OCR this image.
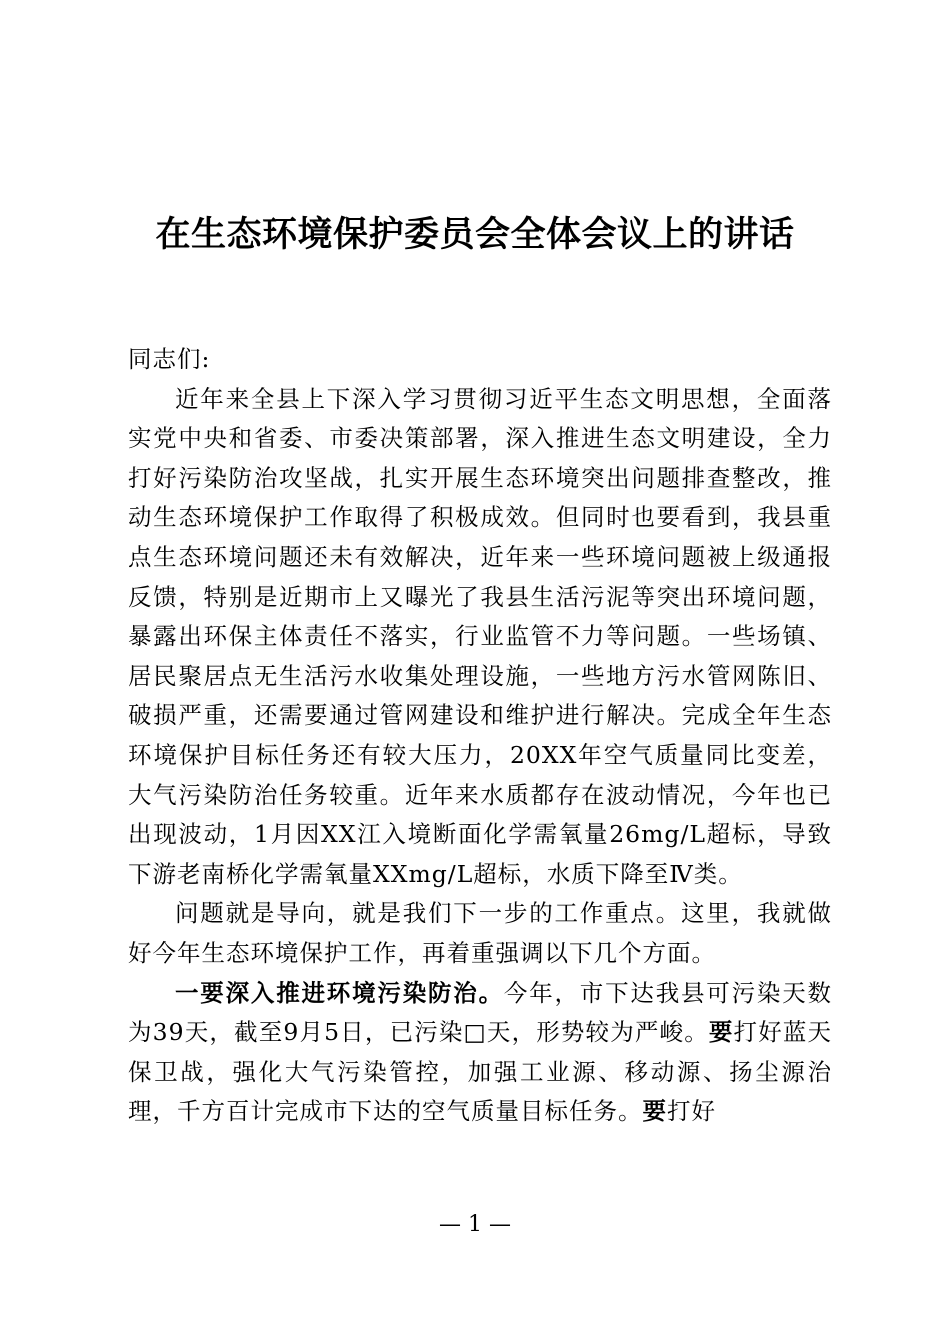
在生态环境保护委员会全体会议上的讲话

同志们:

近年来全县上下深入学习贯彻习近平生态文明思想，全面落实党中央和省委、市委决策部署，深入推进生态文明建设，全力打好污染防治攻坚战，扎实开展生态环境突出问题排查整改，推动生态环境保护工作取得了积极成效。但同时也要看到，我县重点生态环境问题还未有效解决，近年来一些环境问题被上级通报反馈，特别是近期市上又曝光了我县生活污泥等突出环境问题，暴露出环保主体责任不落实，行业监管不力等问题。一些场镇、居民聚居点无生活污水收集处理设施，一些地方污水管网陈旧、破损严重，还需要通过管网建设和维护进行解决。完成全年生态环境保护目标任务还有较大压力，20XX年空气质量同比变差，大气污染防治任务较重。近年来水质都存在波动情况，今年也已出现波动，1月因XX江入境断面化学需氧量26mg/L超标，导致下游老南桥化学需氧量XXmg/L超标，水质下降至Ⅳ类。

问题就是导向，就是我们下一步的工作重点。这里，我就做好今年生态环境保护工作，再着重强调以下几个方面。

一要深入推进环境污染防治。今年，市下达我县可污染天数为39天，截至9月5日，已污染□天，形势较为严峻。要打好蓝天保卫战，强化大气污染管控，加强工业源、移动源、扬尘源治理，千方百计完成市下达的空气质量目标任务。要打好

— 1 —
